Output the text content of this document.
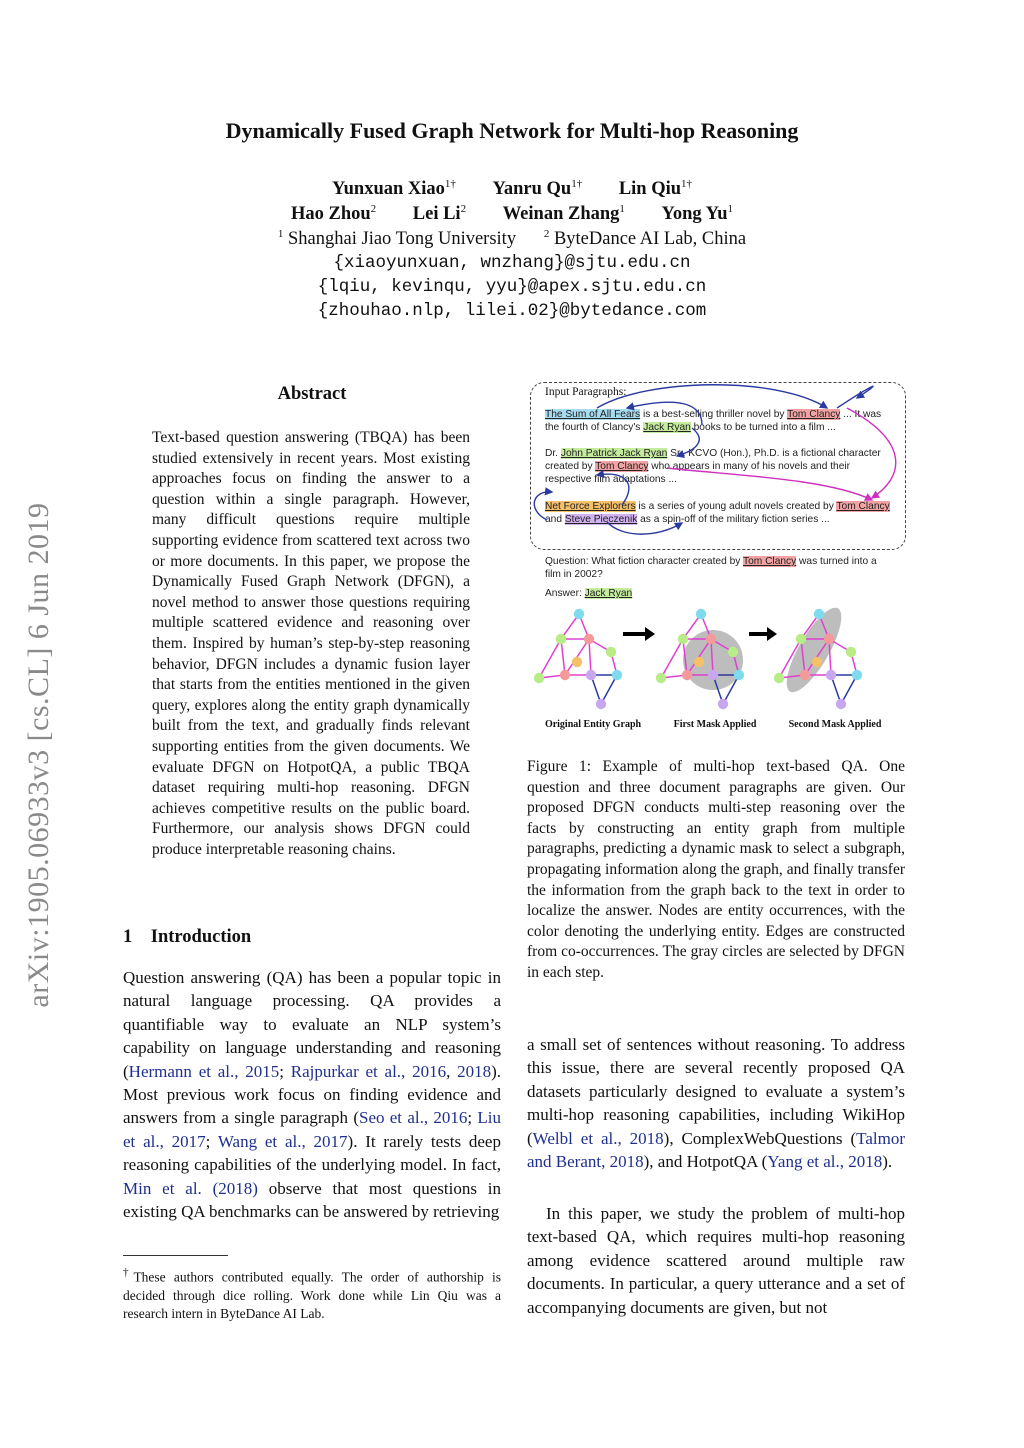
Dynamically Fused Graph Network for Multi-hop Reasoning
Yunxuan Xiao$^{1\dagger}$ Yanru $Qu^{1\dagger}$ Lin Qiu$^{1\dagger}$
Hao Zhou$^2$ Lei Li$^2$ Weinan Zhang$^1$ Yong Yu$^1$
$^1$ Shanghai Jiao Tong University	$^2$ ByteDance AI Lab, China
{xiaoyunxuan, wnzhang}@sjtu.edu.cn
{lqiu, kevinqu, yyu}@apex.sjtu.edu.cn
{zhouhao.nlp, lilei.02}@bytedance.com
arXiv:1905.06933v3 [cs.CL] 6 Jun 2019
Abstract
Text-based question answering (TBQA) has been studied extensively in recent years. Most existing approaches focus on finding the answer to a question within a single paragraph. However, many difficult questions require multiple supporting evidence from scattered text across two or more documents. In this paper, we propose the Dynamically Fused Graph Network (DFGN), a novel method to answer those questions requiring multiple scattered evidence and reasoning over them. Inspired by human’s step-by-step reasoning behavior, DFGN includes a dynamic fusion layer that starts from the entities mentioned in the given query, explores along the entity graph dynamically built from the text, and gradually finds relevant supporting entities from the given documents. We evaluate DFGN on HotpotQA, a public TBQA dataset requiring multi-hop reasoning. DFGN achieves competitive results on the public board. Furthermore, our analysis shows DFGN could produce interpretable reasoning chains.
1 Introduction
Question answering (QA) has been a popular topic in natural language processing. QA provides a quantifiable way to evaluate an NLP system’s capability on language understanding and reasoning (Hermann et al., 2015; Rajpurkar et al., 2016, 2018). Most previous work focus on finding evidence and answers from a single paragraph (Seo et al., 2016; Liu et al., 2017; Wang et al., 2017). It rarely tests deep reasoning capabilities of the underlying model. In fact, Min et al. (2018) observe that most questions in existing QA benchmarks can be answered by retrieving
†These authors contributed equally. The order of authorship is decided through dice rolling. Work done while Lin Qiu was a research intern in ByteDance AI Lab.
Input Paragraphs:
The Sum of All Fears is a best-selling thriller novel by Tom Clancy ... It was the fourth of Clancy's Jack Ryan books to be turned into a film ...
Dr. John Patrick Jack Ryan Sr., KCVO (Hon.), Ph.D. is a fictional character created by Tom Clancy who appears in many of his novels and their respective film adaptations ...
Net Force Explorers is a series of young adult novels created by Tom Clancy and Steve Pieczenik as a spin-off of the military fiction series ...
Question: What fiction character created by Tom Clancy was turned into a film in 2002?
Answer: Jack Ryan
Original Entity Graph	First Mask Applied	Second Mask Applied
Figure 1: Example of multi-hop text-based QA. One question and three document paragraphs are given. Our proposed DFGN conducts multi-step reasoning over the facts by constructing an entity graph from multiple paragraphs, predicting a dynamic mask to select a subgraph, propagating information along the graph, and finally transfer the information from the graph back to the text in order to localize the answer. Nodes are entity occurrences, with the color denoting the underlying entity. Edges are constructed from co-occurrences. The gray circles are selected by DFGN in each step.
a small set of sentences without reasoning. To address this issue, there are several recently proposed QA datasets particularly designed to evaluate a system’s multi-hop reasoning capabilities, including WikiHop (Welbl et al., 2018), ComplexWebQuestions (Talmor and Berant, 2018), and HotpotQA (Yang et al., 2018).
In this paper, we study the problem of multi-hop text-based QA, which requires multi-hop reasoning among evidence scattered around multiple raw documents. In particular, a query utterance and a set of accompanying documents are given, but not
